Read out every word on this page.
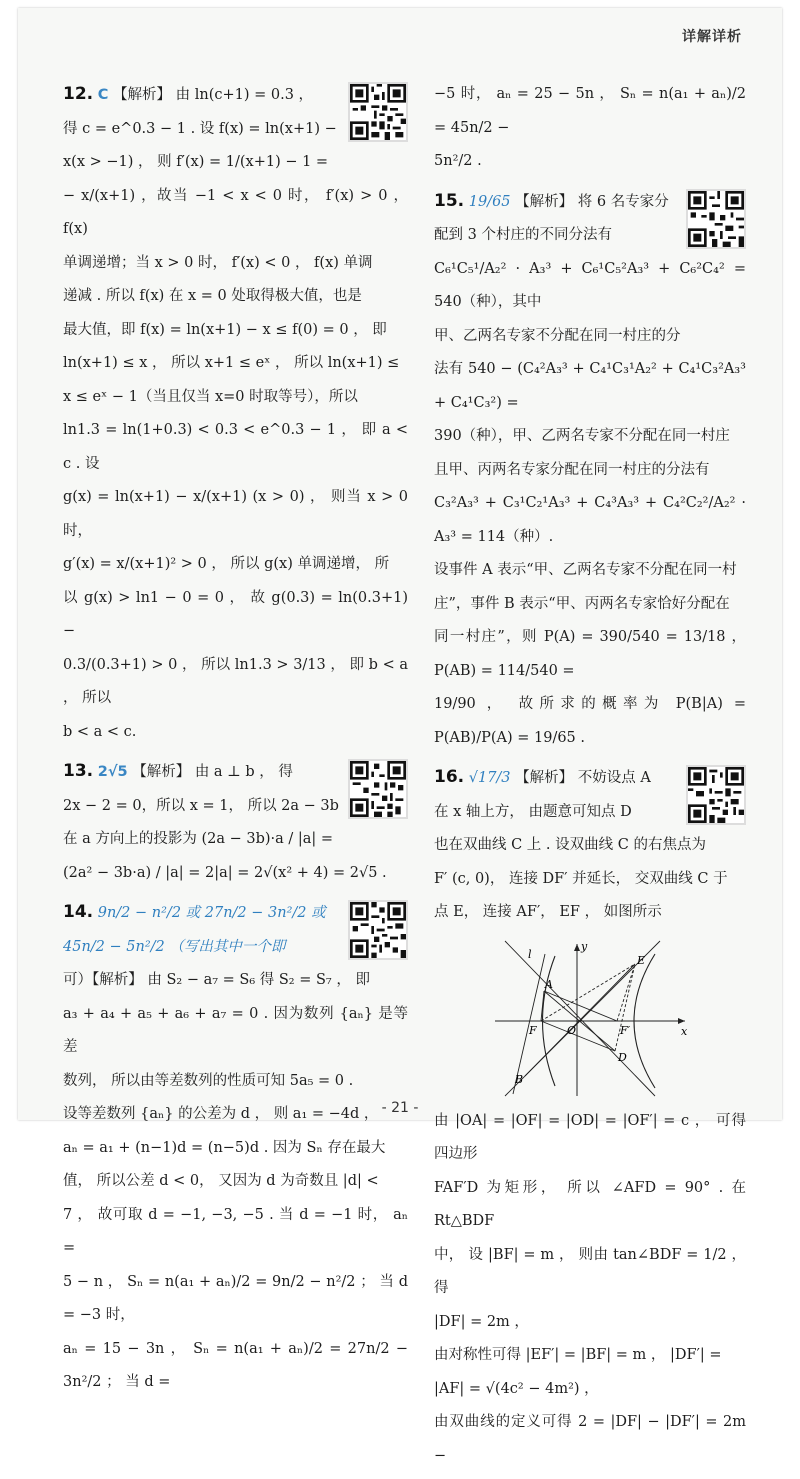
详解详析

12. C 【解析】 由 ln(c+1) = 0.3 ，
得 c = e^0.3 − 1 . 设 f(x) = ln(x+1) −
x(x > −1) ， 则 f′(x) = 1/(x+1) − 1 =
− x/(x+1) ，故当 −1 < x < 0 时， f′(x) > 0 ，f(x)
单调递增；当 x > 0 时， f′(x) < 0 ， f(x) 单调
递减 . 所以 f(x) 在 x = 0 处取得极大值，也是
最大值，即 f(x) = ln(x+1) − x ≤ f(0) = 0 ， 即
ln(x+1) ≤ x ， 所以 x+1 ≤ eˣ ， 所以 ln(x+1) ≤
x ≤ eˣ − 1（当且仅当 x=0 时取等号），所以
ln1.3 = ln(1+0.3) < 0.3 < e^0.3 − 1 ， 即 a < c . 设
g(x) = ln(x+1) − x/(x+1) (x > 0) ， 则当 x > 0 时，
g′(x) = x/(x+1)² > 0 ， 所以 g(x) 单调递增， 所
以 g(x) > ln1 − 0 = 0 ， 故 g(0.3) = ln(0.3+1) −
0.3/(0.3+1) > 0 ， 所以 ln1.3 > 3/13 ， 即 b < a ， 所以
b < a < c.

13. 2√5 【解析】 由 a ⊥ b ， 得
2x − 2 = 0，所以 x = 1， 所以 2a − 3b
在 a 方向上的投影为 (2a − 3b)·a / |a| =
(2a² − 3b·a) / |a| = 2|a| = 2√(x² + 4) = 2√5 .

14. 9n/2 − n²/2 或 27n/2 − 3n²/2 或
45n/2 − 5n²/2 （写出其中一个即
可）【解析】 由 S₂ − a₇ = S₆ 得 S₂ = S₇ ， 即
a₃ + a₄ + a₅ + a₆ + a₇ = 0 . 因为数列 {aₙ} 是等差
数列， 所以由等差数列的性质可知 5a₅ = 0 .
设等差数列 {aₙ} 的公差为 d ， 则 a₁ = −4d ，
aₙ = a₁ + (n−1)d = (n−5)d . 因为 Sₙ 存在最大
值， 所以公差 d < 0， 又因为 d 为奇数且 |d| <
7 ， 故可取 d = −1, −3, −5 . 当 d = −1 时， aₙ =
5 − n ， Sₙ = n(a₁ + aₙ)/2 = 9n/2 − n²/2 ； 当 d = −3 时，
aₙ = 15 − 3n ， Sₙ = n(a₁ + aₙ)/2 = 27n/2 − 3n²/2 ； 当 d =

−5 时， aₙ = 25 − 5n ， Sₙ = n(a₁ + aₙ)/2 = 45n/2 −
5n²/2 .

15. 19/65 【解析】 将 6 名专家分
配到 3 个村庄的不同分法有
C₆¹C₅¹/A₂² · A₃³ + C₆¹C₅²A₃³ + C₆²C₄² = 540（种），其中
甲、乙两名专家不分配在同一村庄的分
法有 540 − (C₄²A₃³ + C₄¹C₃¹A₂² + C₄¹C₃²A₃³ + C₄¹C₃²) =
390（种），甲、乙两名专家不分配在同一村庄
且甲、丙两名专家分配在同一村庄的分法有
C₃²A₃³ + C₃¹C₂¹A₃³ + C₄³A₃³ + C₄²C₂²/A₂² · A₃³ = 114（种）.
设事件 A 表示“甲、乙两名专家不分配在同一村
庄”，事件 B 表示“甲、丙两名专家恰好分配在
同一村庄”，则 P(A) = 390/540 = 13/18 ， P(AB) = 114/540 =
19/90 ， 故所求的概率为 P(B|A) = P(AB)/P(A) = 19/65 .

16. √17/3 【解析】 不妨设点 A
在 x 轴上方， 由题意可知点 D
也在双曲线 C 上 . 设双曲线 C 的右焦点为
F′ (c, 0)， 连接 DF′ 并延长， 交双曲线 C 于
点 E， 连接 AF′， EF ， 如图所示

l
y
x
A
B
D
E
F	F′
O

由 |OA| = |OF| = |OD| = |OF′| = c ， 可得四边形
FAF′D 为矩形， 所以 ∠AFD = 90° . 在 Rt△BDF
中， 设 |BF| = m ， 则由 tan∠BDF = 1/2 ， 得
|DF| = 2m ，
由对称性可得 |EF′| = |BF| = m ， |DF′| =
|AF| = √(4c² − 4m²) ，
由双曲线的定义可得 2 = |DF| − |DF′| = 2m −

- 21 -
